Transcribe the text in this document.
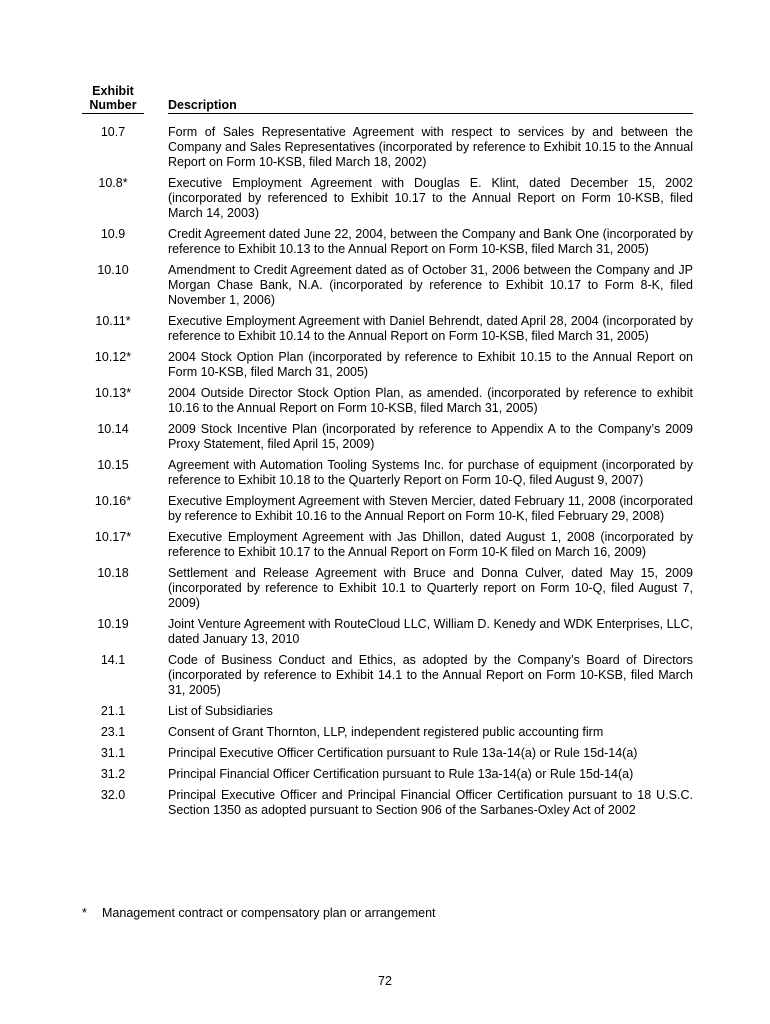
Exhibit
Number	Description
10.7	Form of Sales Representative Agreement with respect to services by and between the Company and Sales Representatives (incorporated by reference to Exhibit 10.15 to the Annual Report on Form 10-KSB, filed March 18, 2002)
10.8*	Executive Employment Agreement with Douglas E. Klint, dated December 15, 2002 (incorporated by referenced to Exhibit 10.17 to the Annual Report on Form 10-KSB, filed March 14, 2003)
10.9	Credit Agreement dated June 22, 2004, between the Company and Bank One (incorporated by reference to Exhibit 10.13 to the Annual Report on Form 10-KSB, filed March 31, 2005)
10.10	Amendment to Credit Agreement dated as of October 31, 2006 between the Company and JP Morgan Chase Bank, N.A. (incorporated by reference to Exhibit 10.17 to Form 8-K, filed November 1, 2006)
10.11*	Executive Employment Agreement with Daniel Behrendt, dated April 28, 2004 (incorporated by reference to Exhibit 10.14 to the Annual Report on Form 10-KSB, filed March 31, 2005)
10.12*	2004 Stock Option Plan (incorporated by reference to Exhibit 10.15 to the Annual Report on Form 10-KSB, filed March 31, 2005)
10.13*	2004 Outside Director Stock Option Plan, as amended. (incorporated by reference to exhibit 10.16 to the Annual Report on Form 10-KSB, filed March 31, 2005)
10.14	2009 Stock Incentive Plan (incorporated by reference to Appendix A to the Company’s 2009 Proxy Statement, filed April 15, 2009)
10.15	Agreement with Automation Tooling Systems Inc. for purchase of equipment (incorporated by reference to Exhibit 10.18 to the Quarterly Report on Form 10-Q, filed August 9, 2007)
10.16*	Executive Employment Agreement with Steven Mercier, dated February 11, 2008 (incorporated by reference to Exhibit 10.16 to the Annual Report on Form 10-K, filed February 29, 2008)
10.17*	Executive Employment Agreement with Jas Dhillon, dated August 1, 2008 (incorporated by reference to Exhibit 10.17 to the Annual Report on Form 10-K filed on March 16, 2009)
10.18	Settlement and Release Agreement with Bruce and Donna Culver, dated May 15, 2009 (incorporated by reference to Exhibit 10.1 to Quarterly report on Form 10-Q, filed August 7, 2009)
10.19	Joint Venture Agreement with RouteCloud LLC, William D. Kenedy and WDK Enterprises, LLC, dated January 13, 2010
14.1	Code of Business Conduct and Ethics, as adopted by the Company’s Board of Directors (incorporated by reference to Exhibit 14.1 to the Annual Report on Form 10-KSB, filed March 31, 2005)
21.1	List of Subsidiaries
23.1	Consent of Grant Thornton, LLP, independent registered public accounting firm
31.1	Principal Executive Officer Certification pursuant to Rule 13a-14(a) or Rule 15d-14(a)
31.2	Principal Financial Officer Certification pursuant to Rule 13a-14(a) or Rule 15d-14(a)
32.0	Principal Executive Officer and Principal Financial Officer Certification pursuant to 18 U.S.C. Section 1350 as adopted pursuant to Section 906 of the Sarbanes-Oxley Act of 2002
*	Management contract or compensatory plan or arrangement
72
